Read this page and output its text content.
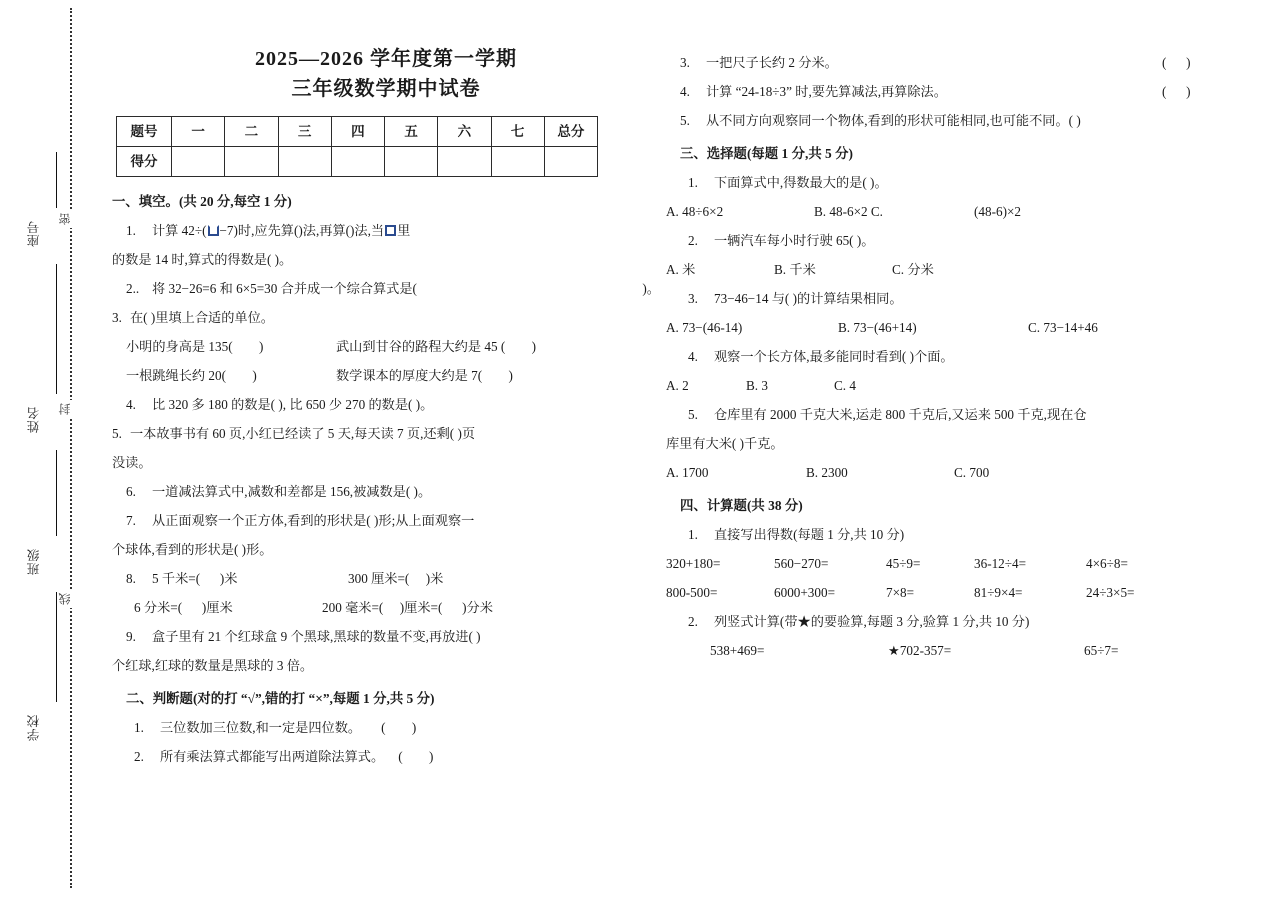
密
封
线
座号
姓名
班级
学校
2025—2026 学年度第一学期
三年级数学期中试卷
题号	一	二	三	四	五	六	七	总分
得分								
一、填空。(共 20 分,每空 1 分)
1. 计算 42÷( −7)时,应先算()法,再算()法,当 里
的数是 14 时,算式的得数是( )。
2.. 将 32−26=6 和 6×5=30 合并成一个综合算式是(	)。
3. 在( )里填上合适的单位。
小明的身高是 135(        )	武山到甘谷的路程大约是 45 (        )
一根跳绳长约 20(        )	数学课本的厚度大约是 7(        )
4. 比 320 多 180 的数是( ), 比 650 少 270 的数是( )。
5. 一本故事书有 60 页,小红已经读了 5 天,每天读 7 页,还剩( )页
没读。
6. 一道减法算式中,减数和差都是 156,被减数是( )。
7. 从正面观察一个正方体,看到的形状是( )形;从上面观察一
个球体,看到的形状是( )形。
8.	5 千米=(      )米	300 厘米=(     )米
6 分米=(      )厘米	200 毫米=(     )厘米=(      )分米
9. 盒子里有 21 个红球盒 9 个黑球,黑球的数量不变,再放进( )
个红球,红球的数量是黑球的 3 倍。
二、判断题(对的打 “√”,错的打 “×”,每题 1 分,共 5 分)
1.	三位数加三位数,和一定是四位数。	(        )
2.	所有乘法算式都能写出两道除法算式。	(        )
3.	一把尺子长约 2 分米。	(      )
4.	计算 “24-18÷3” 时,要先算减法,再算除法。	(      )
5. 从不同方向观察同一个物体,看到的形状可能相同,也可能不同。( )
三、选择题(每题 1 分,共 5 分)
1. 下面算式中,得数最大的是( )。
A. 48÷6×2	B. 48-6×2 C.	(48-6)×2
2. 一辆汽车每小时行驶 65( )。
A. 米	B. 千米	C. 分米
3. 73−46−14 与( )的计算结果相同。
A. 73−(46-14)	B. 73−(46+14)	C. 73−14+46
4. 观察一个长方体,最多能同时看到( )个面。
A. 2	B. 3	C. 4
5. 仓库里有 2000 千克大米,运走 800 千克后,又运来 500 千克,现在仓
库里有大米( )千克。
A. 1700	B. 2300	C. 700
四、计算题(共 38 分)
1. 直接写出得数(每题 1 分,共 10 分)
320+180=	560−270=	45÷9=	36-12÷4=	4×6÷8=
800-500=	6000+300=	7×8=	81÷9×4=	24÷3×5=
2. 列竖式计算(带★的要验算,每题 3 分,验算 1 分,共 10 分)
538+469=	★702-357=	65÷7=
